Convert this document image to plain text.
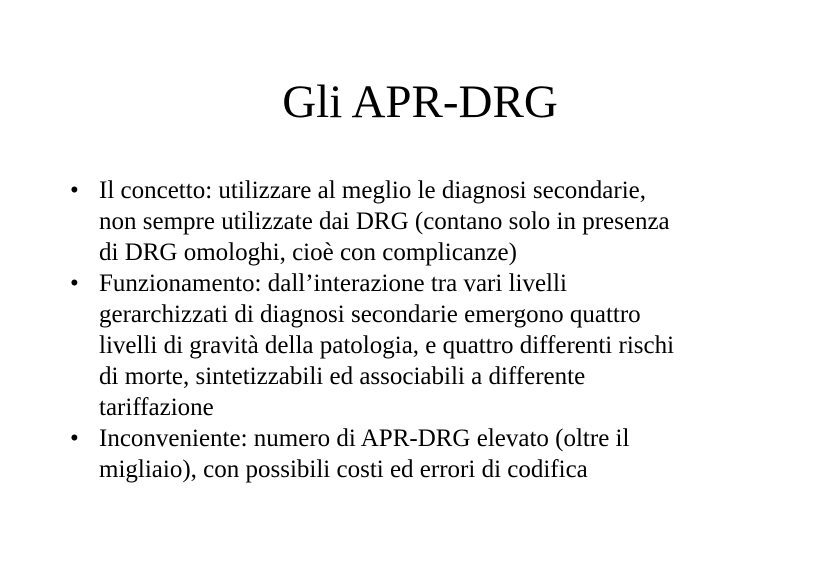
Gli APR-DRG
• Il concetto: utilizzare al meglio le diagnosi secondarie,
non sempre utilizzate dai DRG (contano solo in presenza
di DRG omologhi, cioè con complicanze)
• Funzionamento: dall’interazione tra vari livelli
gerarchizzati di diagnosi secondarie emergono quattro
livelli di gravità della patologia, e quattro differenti rischi
di morte, sintetizzabili ed associabili a differente
tariffazione
• Inconveniente: numero di APR-DRG elevato (oltre il
migliaio), con possibili costi ed errori di codifica
